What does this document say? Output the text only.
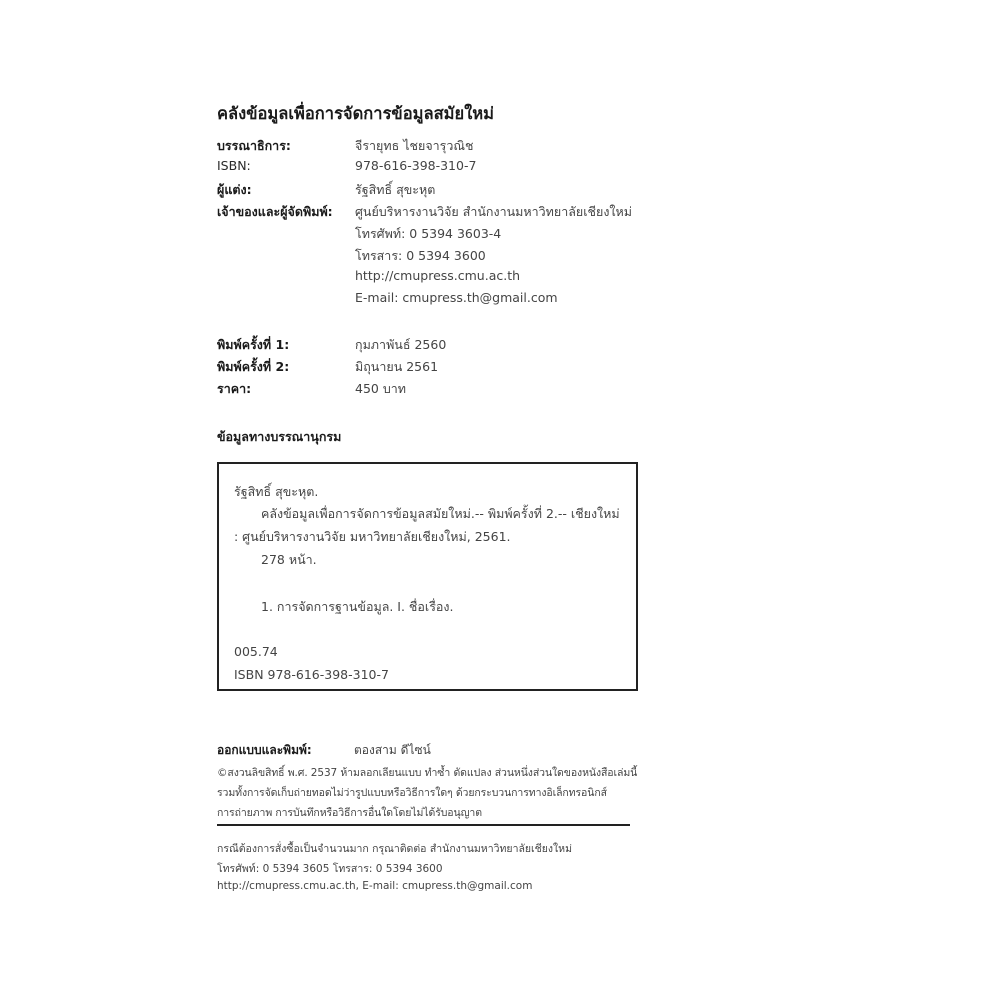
คลังข้อมูลเพื่อการจัดการข้อมูลสมัยใหม่
บรรณาธิการ:	จีรายุทธ ไชยจารุวณิช
ISBN:	978-616-398-310-7
ผู้แต่ง:	รัฐสิทธิ์ สุขะหุต
เจ้าของและผู้จัดพิมพ์: ศูนย์บริหารงานวิจัย สำนักงานมหาวิทยาลัยเชียงใหม่
โทรศัพท์: 0 5394 3603-4
โทรสาร: 0 5394 3600
http://cmupress.cmu.ac.th
E-mail: cmupress.th@gmail.com
พิมพ์ครั้งที่ 1:	กุมภาพันธ์ 2560
พิมพ์ครั้งที่ 2:	มิถุนายน 2561
ราคา:	450 บาท
ข้อมูลทางบรรณานุกรม
รัฐสิทธิ์ สุขะหุต.
คลังข้อมูลเพื่อการจัดการข้อมูลสมัยใหม่.-- พิมพ์ครั้งที่ 2.-- เชียงใหม่
: ศูนย์บริหารงานวิจัย มหาวิทยาลัยเชียงใหม่, 2561.
278 หน้า.
1. การจัดการฐานข้อมูล. I. ชื่อเรื่อง.
005.74
ISBN 978-616-398-310-7
ออกแบบและพิมพ์:	ตองสาม ดีไซน์
©สงวนลิขสิทธิ์ พ.ศ. 2537 ห้ามลอกเลียนแบบ ทำซ้ำ ดัดแปลง ส่วนหนึ่งส่วนใดของหนังสือเล่มนี้
รวมทั้งการจัดเก็บถ่ายทอดไม่ว่ารูปแบบหรือวิธีการใดๆ ด้วยกระบวนการทางอิเล็กทรอนิกส์
การถ่ายภาพ การบันทึกหรือวิธีการอื่นใดโดยไม่ได้รับอนุญาต
กรณีต้องการสั่งซื้อเป็นจำนวนมาก กรุณาติดต่อ สำนักงานมหาวิทยาลัยเชียงใหม่
โทรศัพท์: 0 5394 3605 โทรสาร: 0 5394 3600
http://cmupress.cmu.ac.th, E-mail: cmupress.th@gmail.com
